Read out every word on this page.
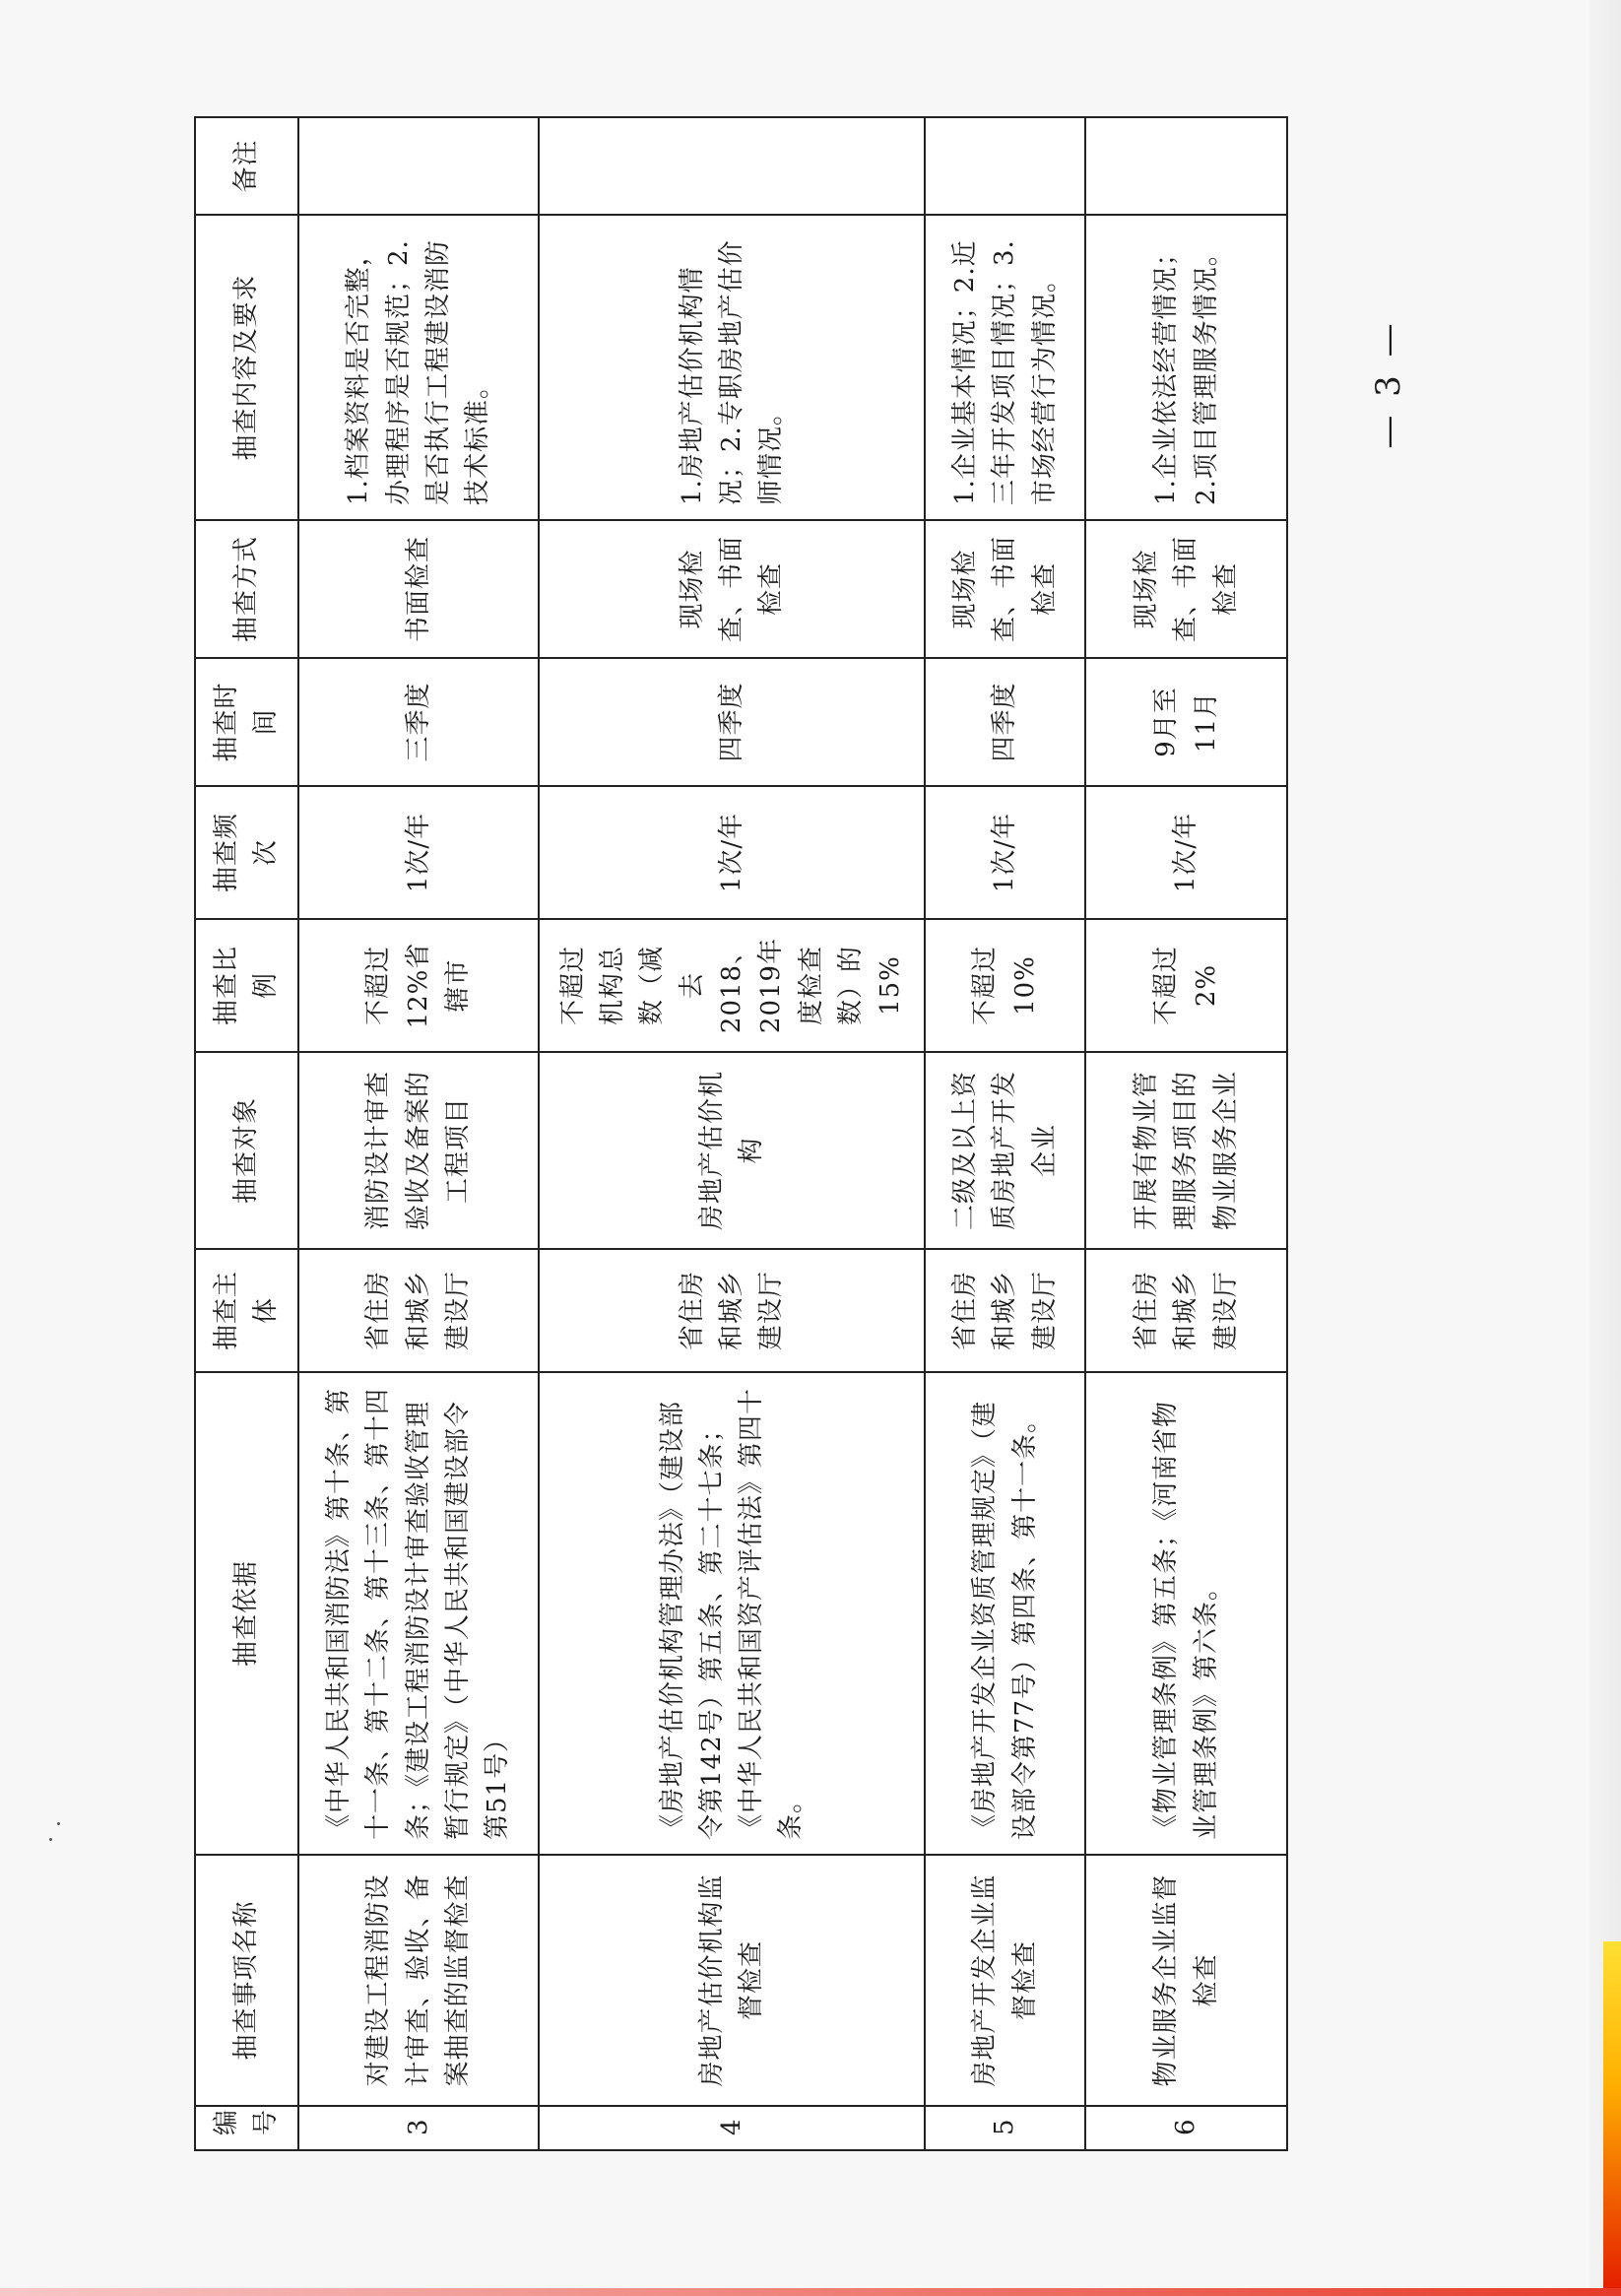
编号	抽查事项名称	抽查依据	抽查主体	抽查对象	抽查比例	抽查频次	抽查时间	抽查方式	抽查内容及要求	备注
3	对建设工程消防设计审查、验收、备案抽查的监督检查	《中华人民共和国消防法》第十条、第十一条、第十二条、第十三条、第十四条；《建设工程消防设计审查验收管理暂行规定》（中华人民共和国建设部令第51号）	省住房和城乡建设厅	消防设计审查验收及备案的工程项目	不超过12%省辖市	1次/年	三季度	书面检查	1.档案资料是否完整，办理程序是否规范；2.是否执行工程建设消防技术标准。	
4	房地产估价机构监督检查	《房地产估价机构管理办法》（建设部令第142号）第五条、第二十七条；《中华人民共和国资产评估法》第四十条。	省住房和城乡建设厅	房地产估价机构	不超过机构总数（减去2018、2019年度检查数）的15%	1次/年	四季度	现场检查、书面检查	1.房地产估价机构情况；2.专职房地产估价师情况。	
5	房地产开发企业监督检查	《房地产开发企业资质管理规定》（建设部令第77号）第四条、第十一条。	省住房和城乡建设厅	二级及以上资质房地产开发企业	不超过10%	1次/年	四季度	现场检查、书面检查	1.企业基本情况；2.近三年开发项目情况；3.市场经营行为情况。	
6	物业服务企业监督检查	《物业管理条例》第五条；《河南省物业管理条例》第六条。	省住房和城乡建设厅	开展有物业管理服务项目的物业服务企业	不超过2%	1次/年	9月至11月	现场检查、书面检查	1.企业依法经营情况；2.项目管理服务情况。		— 3 —
